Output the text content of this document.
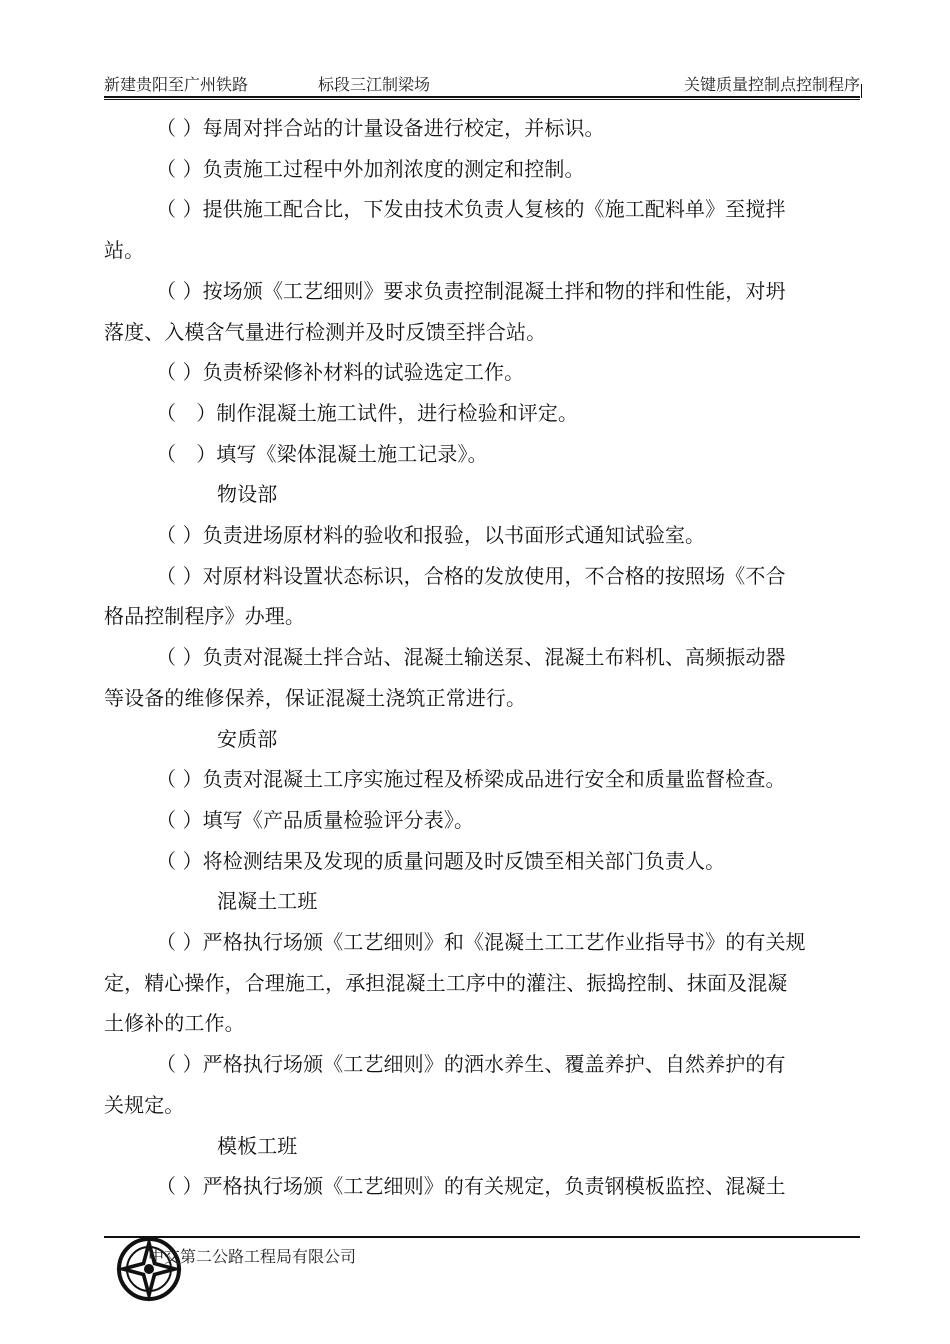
新建贵阳至广州铁路	标段三江制梁场	关键质量控制点控制程序

（ ）每周对拌合站的计量设备进行校定，并标识。

（ ）负责施工过程中外加剂浓度的测定和控制。

（ ）提供施工配合比，下发由技术负责人复核的《施工配料单》至搅拌

站。

（ ）按场颁《工艺细则》要求负责控制混凝土拌和物的拌和性能，对坍

落度、入模含气量进行检测并及时反馈至拌合站。

（ ）负责桥梁修补材料的试验选定工作。

（　）制作混凝土施工试件，进行检验和评定。

（　）填写《梁体混凝土施工记录》。

物设部

（ ）负责进场原材料的验收和报验，以书面形式通知试验室。

（ ）对原材料设置状态标识，合格的发放使用，不合格的按照场《不合

格品控制程序》办理。

（ ）负责对混凝土拌合站、混凝土输送泵、混凝土布料机、高频振动器

等设备的维修保养，保证混凝土浇筑正常进行。

安质部

（ ）负责对混凝土工序实施过程及桥梁成品进行安全和质量监督检查。

（ ）填写《产品质量检验评分表》。

（ ）将检测结果及发现的质量问题及时反馈至相关部门负责人。

混凝土工班

（ ）严格执行场颁《工艺细则》和《混凝土工工艺作业指导书》的有关规

定，精心操作，合理施工，承担混凝土工序中的灌注、振捣控制、抹面及混凝

土修补的工作。

（ ）严格执行场颁《工艺细则》的洒水养生、覆盖养护、自然养护的有

关规定。

模板工班

（ ）严格执行场颁《工艺细则》的有关规定，负责钢模板监控、混凝土

中交第二公路工程局有限公司
